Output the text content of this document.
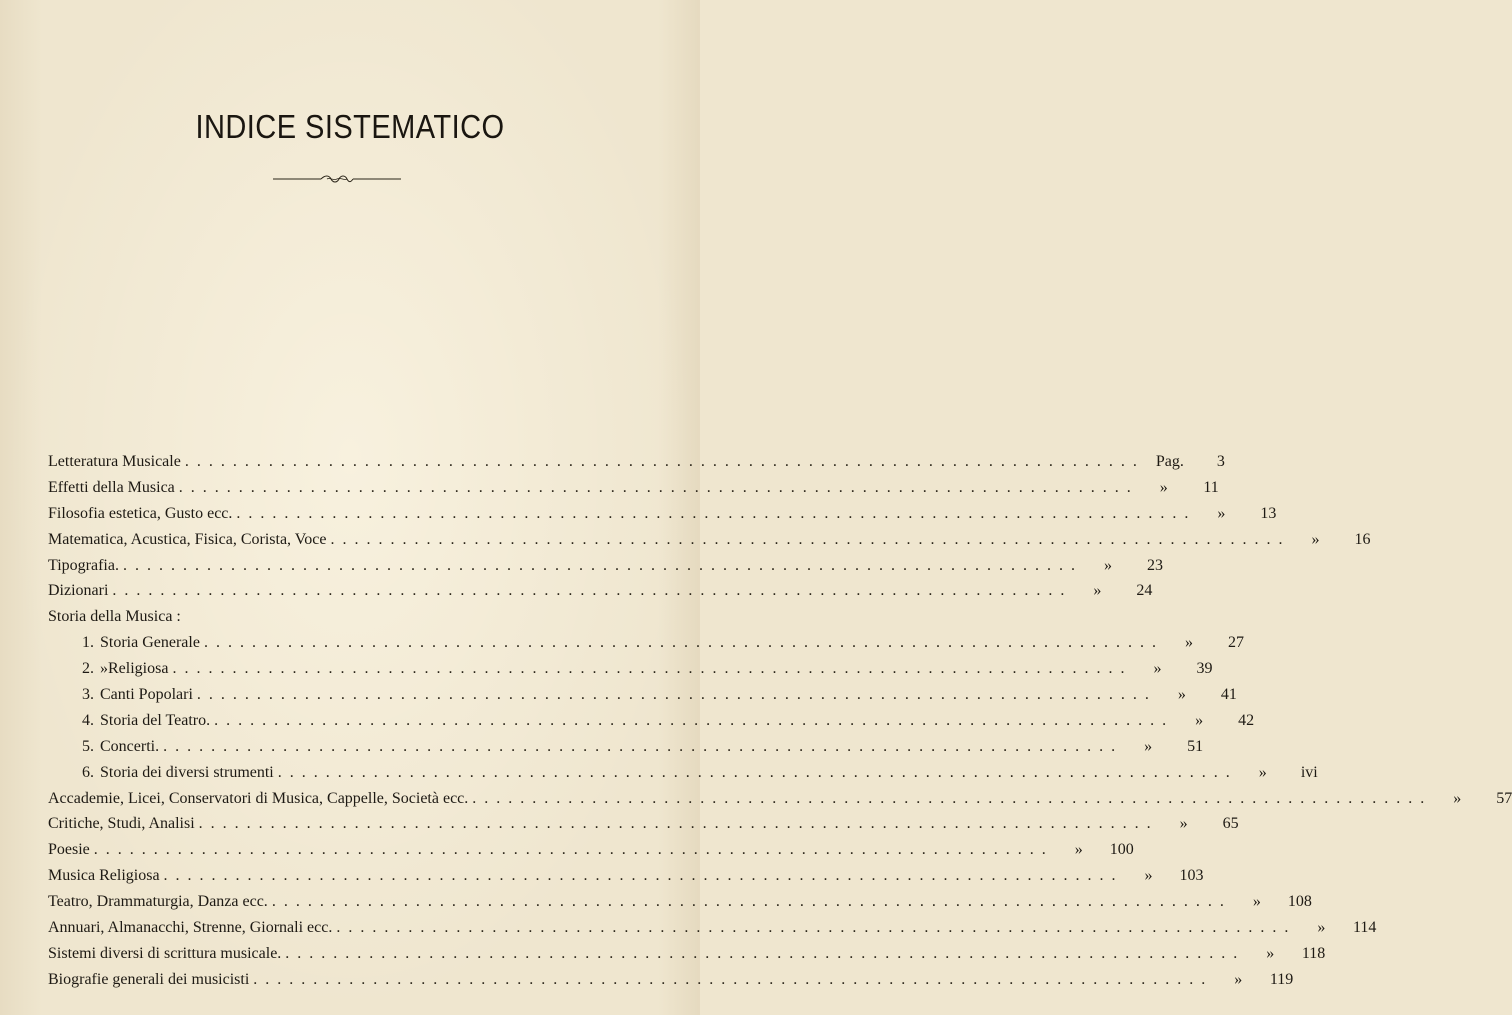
INDICE SISTEMATICO
Letteratura Musicale ................................................................................ Pag.	3
Effetti della Musica ................................................................................	»	11
Filosofia estetica, Gusto ecc. ................................................................................	»	13
Matematica, Acustica, Fisica, Corista, Voce ................................................................................	»	16
Tipografia. ................................................................................	»	23
Dizionari ................................................................................	»	24
Storia della Musica :
1. Storia Generale ................................................................................	»	27
2. » Religiosa ................................................................................	»	39
3. Canti Popolari ................................................................................	»	41
4. Storia del Teatro. ................................................................................	»	42
5. Concerti. ................................................................................	»	51
6. Storia dei diversi strumenti ................................................................................	»	ivi
Accademie, Licei, Conservatori di Musica, Cappelle, Società ecc. ................................................................................	»	57
Critiche, Studi, Analisi ................................................................................	»	65
Poesie ................................................................................	»	100
Musica Religiosa ................................................................................	»	103
Teatro, Drammaturgia, Danza ecc. ................................................................................	»	108
Annuari, Almanacchi, Strenne, Giornali ecc. ................................................................................	»	114
Sistemi diversi di scrittura musicale. ................................................................................	»	118
Biografie generali dei musicisti ................................................................................	»	119
